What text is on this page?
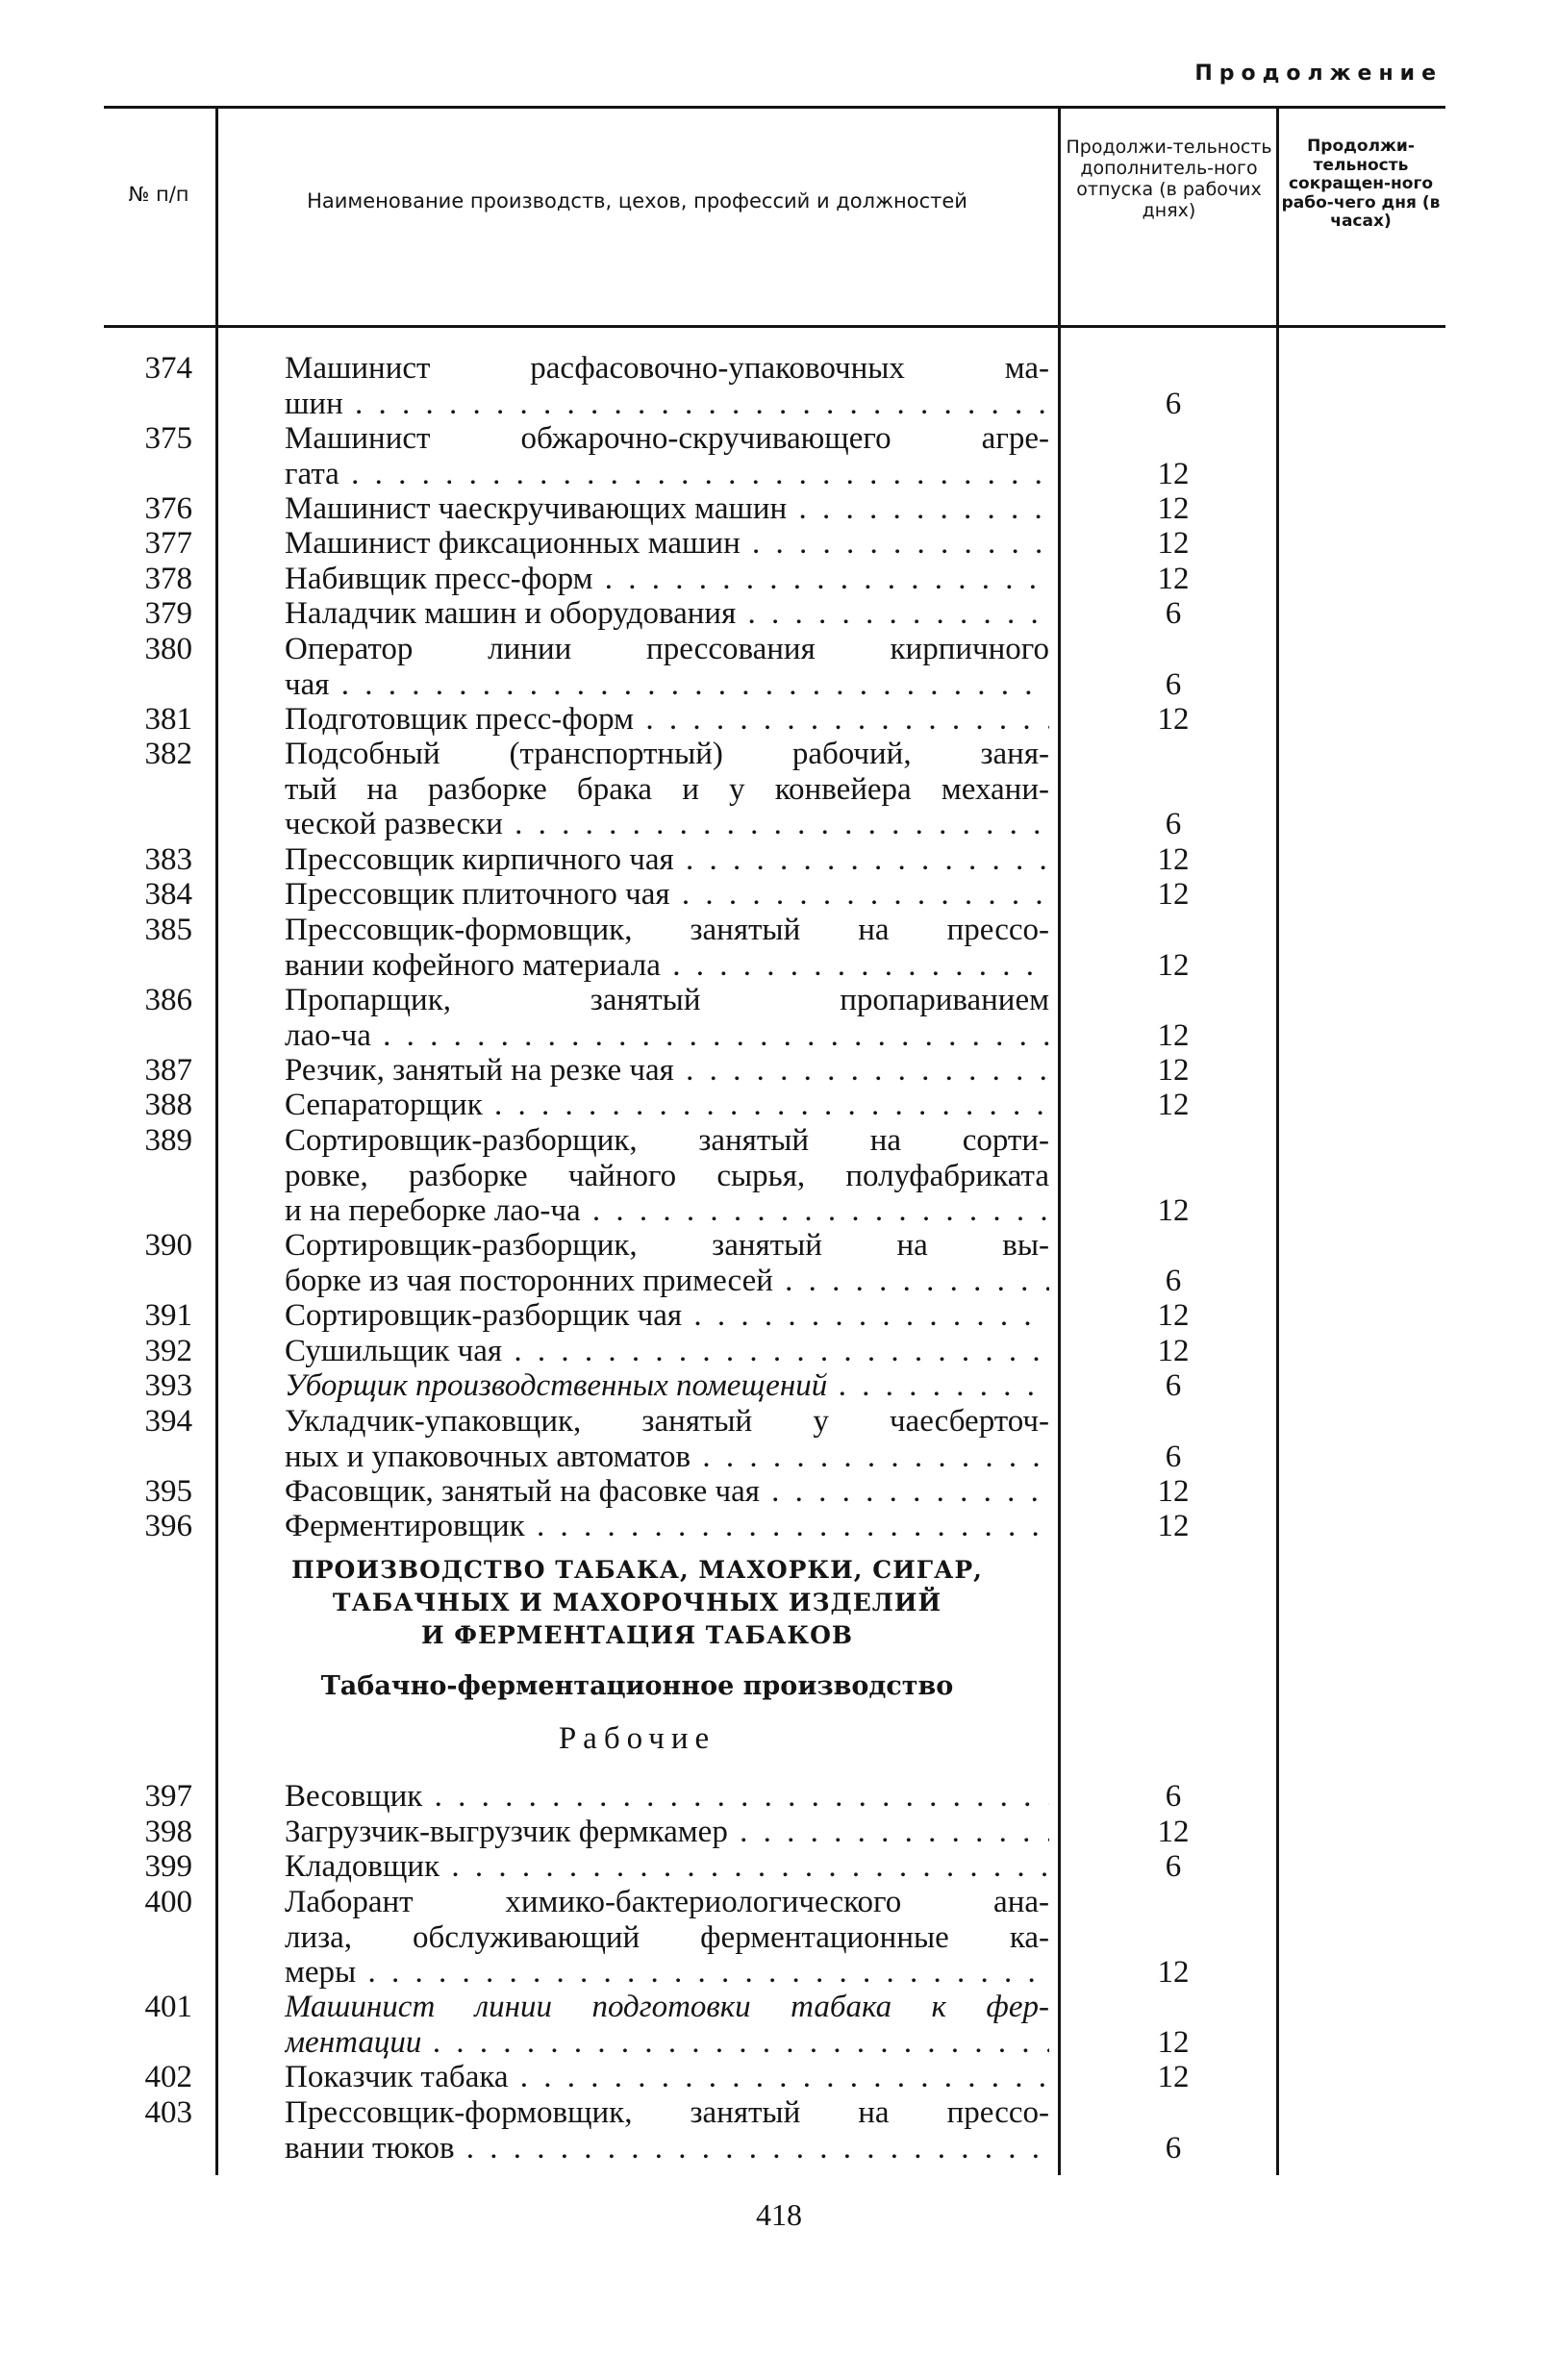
Продолжение
№ п/п	Наименование производств, цехов, профессий и должностей
Продолжи-тельность дополнитель-ного отпуска (в рабочих днях)
Продолжи-тельность сокращен-ного рабо-чего дня (в часах)
374	Машинист расфасовочно-упаковочных ма-
шин . . .	6
375	Машинист обжарочно-скручивающего агре-
гата . . .	12
376	Машинист чаескручивающих машин . . .	12
377	Машинист фиксационных машин . . .	12
378	Набивщик пресс-форм . . .	12
379	Наладчик машин и оборудования . . .	6
380	Оператор линии прессования кирпичного
чая . . .	6
381	Подготовщик пресс-форм . . .	12
382	Подсобный (транспортный) рабочий, заня-
тый на разборке брака и у конвейера механи-
ческой развески . . .	6
383	Прессовщик кирпичного чая . . .	12
384	Прессовщик плиточного чая . . .	12
385	Прессовщик-формовщик, занятый на прессо-
вании кофейного материала . . .	12
386	Пропарщик, занятый пропариванием
лао-ча . . .	12
387	Резчик, занятый на резке чая . . .	12
388	Сепараторщик . . .	12
389	Сортировщик-разборщик, занятый на сорти-
ровке, разборке чайного сырья, полуфабриката
и на переборке лао-ча . . .	12
390	Сортировщик-разборщик, занятый на вы-
борке из чая посторонних примесей . . .	6
391	Сортировщик-разборщик чая . . .	12
392	Сушильщик чая . . .	12
393	Уборщик производственных помещений . . .	6
394	Укладчик-упаковщик, занятый у чаесберточ-
ных и упаковочных автоматов . . .	6
395	Фасовщик, занятый на фасовке чая . . .	12
396	Ферментировщик . . .	12
ПРОИЗВОДСТВО ТАБАКА, МАХОРКИ, СИГАР,
ТАБАЧНЫХ И МАХОРОЧНЫХ ИЗДЕЛИЙ
И ФЕРМЕНТАЦИЯ ТАБАКОВ
Табачно-ферментационное производство
Рабочие
397	Весовщик . . .	6
398	Загрузчик-выгрузчик фермкамер . . .	12
399	Кладовщик . . .	6
400	Лаборант химико-бактериологического ана-
лиза, обслуживающий ферментационные ка-
меры . . .	12
401	Машинист линии подготовки табака к фер-
ментации . . .	12
402	Показчик табака . . .	12
403	Прессовщик-формовщик, занятый на прессо-
вании тюков . . .	6
418
